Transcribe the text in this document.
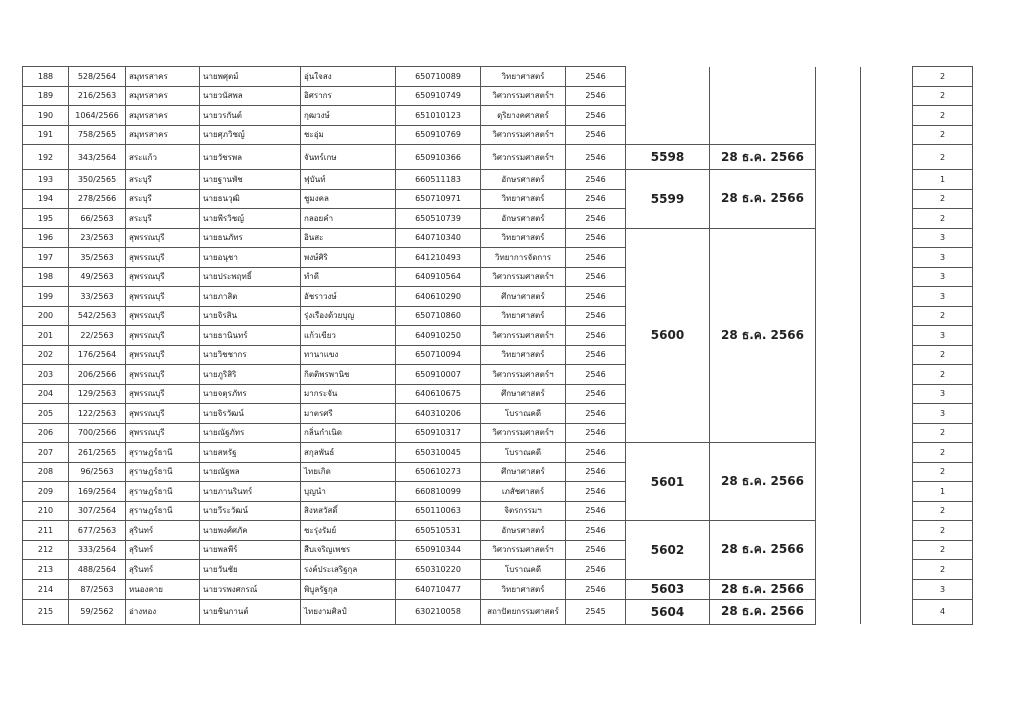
188	528/2564	สมุทรสาคร	นายพศุตม์	อุ่นใจสง	650710089	วิทยาศาสตร์	2546					2
189	216/2563	สมุทรสาคร	นายวนัสพล	อิศรากร	650910749	วิศวกรรมศาสตร์ฯ	2546					2
190	1064/2566	สมุทรสาคร	นายวรกันต์	กุฒวงษ์	651010123	ดุริยางคศาสตร์	2546					2
191	758/2565	สมุทรสาคร	นายศุภวิชญ์	ชะอุ่ม	650910769	วิศวกรรมศาสตร์ฯ	2546					2
192	343/2564	สระแก้ว	นายวัชรพล	จันทร์เกษ	650910366	วิศวกรรมศาสตร์ฯ	2546	5598	28 ธ.ค. 2566			2
193	350/2565	สระบุรี	นายฐานพัช	ฟุบันท์	660511183	อักษรศาสตร์	2546	5599	28 ธ.ค. 2566			1
194	278/2566	สระบุรี	นายธนวุฒิ	ชูมงคล	650710971	วิทยาศาสตร์	2546					2
195	66/2563	สระบุรี	นายพีรวิชญ์	กลอยคำ	650510739	อักษรศาสตร์	2546					2
196	23/2563	สุพรรณบุรี	นายธนภัทร	อินสะ	640710340	วิทยาศาสตร์	2546	5600	28 ธ.ค. 2566			3
197	35/2563	สุพรรณบุรี	นายอนุชา	พงษ์ศิริ	641210493	วิทยาการจัดการ	2546					3
198	49/2563	สุพรรณบุรี	นายประพฤทธิ์	ทำดี	640910564	วิศวกรรมศาสตร์ฯ	2546					3
199	33/2563	สุพรรณบุรี	นายภาสิต	อัชราวงษ์	640610290	ศึกษาศาสตร์	2546					3
200	542/2563	สุพรรณบุรี	นายจิรสิน	รุ่งเรืองด้วยบุญ	650710860	วิทยาศาสตร์	2546					2
201	22/2563	สุพรรณบุรี	นายธานินทร์	แก้วเขียว	640910250	วิศวกรรมศาสตร์ฯ	2546					3
202	176/2564	สุพรรณบุรี	นายวิชชากร	ทานาแขง	650710094	วิทยาศาสตร์	2546					2
203	206/2566	สุพรรณบุรี	นายภูริสิริ	กิตติพรพานิช	650910007	วิศวกรรมศาสตร์ฯ	2546					2
204	129/2563	สุพรรณบุรี	นายจตุรภัทร	มากระจัน	640610675	ศึกษาศาสตร์	2546					3
205	122/2563	สุพรรณบุรี	นายจิรวัฒน์	มาตรศรี	640310206	โบราณคดี	2546					3
206	700/2566	สุพรรณบุรี	นายณัฐภัทร	กลิ่นกำเนิด	650910317	วิศวกรรมศาสตร์ฯ	2546					2
207	261/2565	สุราษฎร์ธานี	นายสหรัฐ	สกุลพันธ์	650310045	โบราณคดี	2546	5601	28 ธ.ค. 2566			2
208	96/2563	สุราษฎร์ธานี	นายณัฐพล	ไทยเกิด	650610273	ศึกษาศาสตร์	2546					2
209	169/2564	สุราษฎร์ธานี	นายภานรินทร์	บุญนำ	660810099	เภสัชศาสตร์	2546					1
210	307/2564	สุราษฎร์ธานี	นายวีระวัฒน์	สิงหสวัสดิ์	650110063	จิตรกรรมฯ	2546					2
211	677/2563	สุรินทร์	นายพงศ์ศภัค	ชะรุ่งรัมย์	650510531	อักษรศาสตร์	2546	5602	28 ธ.ค. 2566			2
212	333/2564	สุรินทร์	นายพลพีร์	สืบเจริญเพชร	650910344	วิศวกรรมศาสตร์ฯ	2546					2
213	488/2564	สุรินทร์	นายวันชัย	รงค์ประเสริฐกุล	650310220	โบราณคดี	2546					2
214	87/2563	หนองคาย	นายวรพงศกรณ์	พิบูลรัฐกุล	640710477	วิทยาศาสตร์	2546	5603	28 ธ.ค. 2566			3
215	59/2562	อ่างทอง	นายชินกานต์	ไทยงามศิลป์	630210058	สถาปัตยกรรมศาสตร์	2545	5604	28 ธ.ค. 2566			4
